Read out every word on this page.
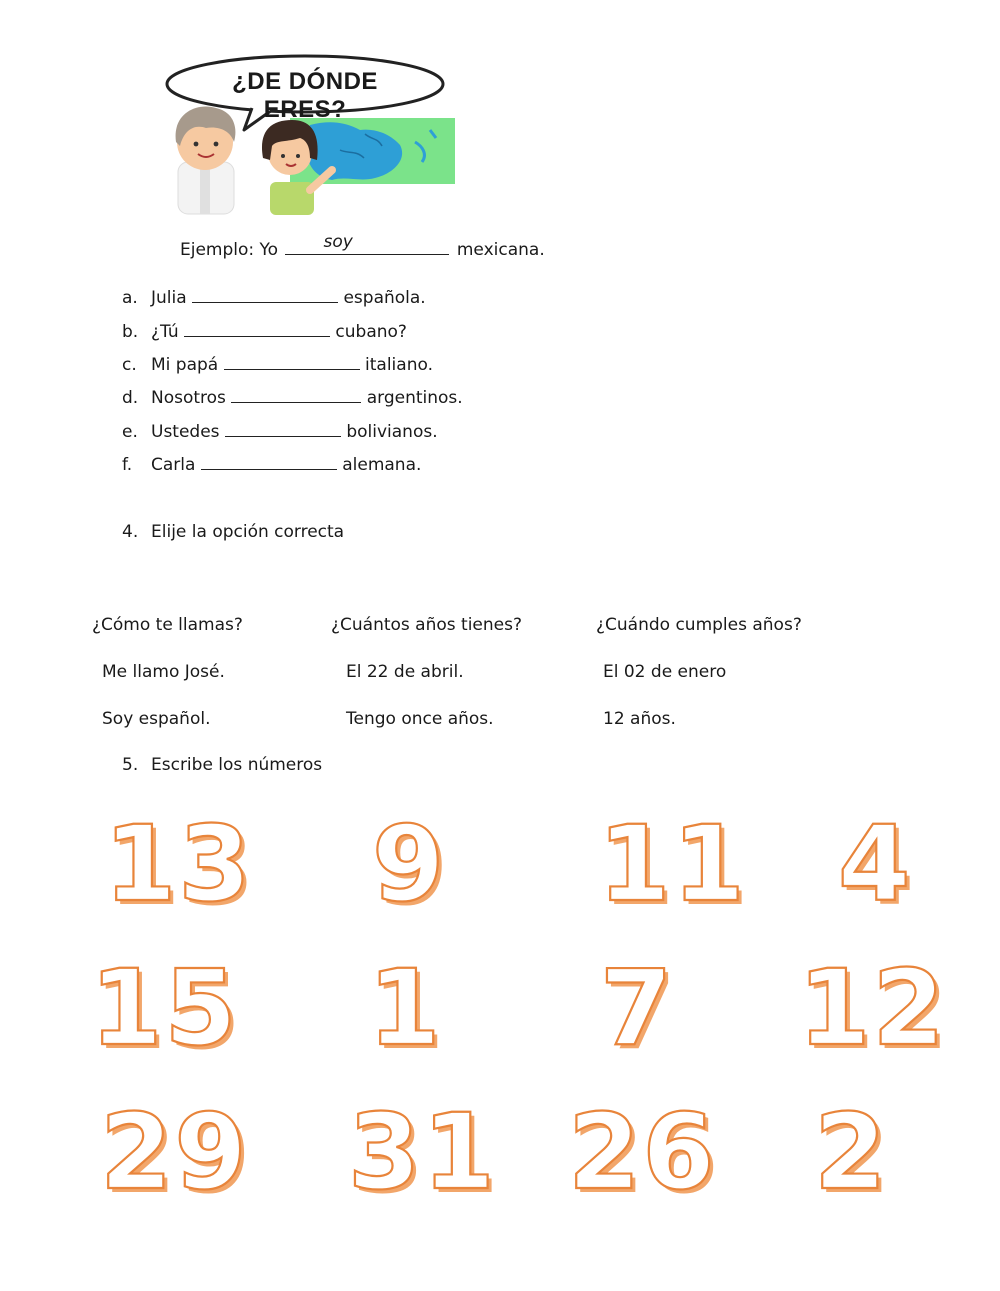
¿DE DÓNDE ERES?
Ejemplo: Yo	soy	mexicana.
a. Julia	española.
b. ¿Tú	cubano?
c. Mi papá	italiano.
d. Nosotros	argentinos.
e. Ustedes	bolivianos.
f. Carla	alemana.
4. Elije la opción correcta
¿Cómo te llamas?	¿Cuántos años tienes?	¿Cuándo cumples años?
Me llamo José.	El 22 de abril.	El 02 de enero
Soy español.	Tengo once años.	12 años.
5. Escribe los números
13 9 11 4
15 1 7 12
29 31 26 2
